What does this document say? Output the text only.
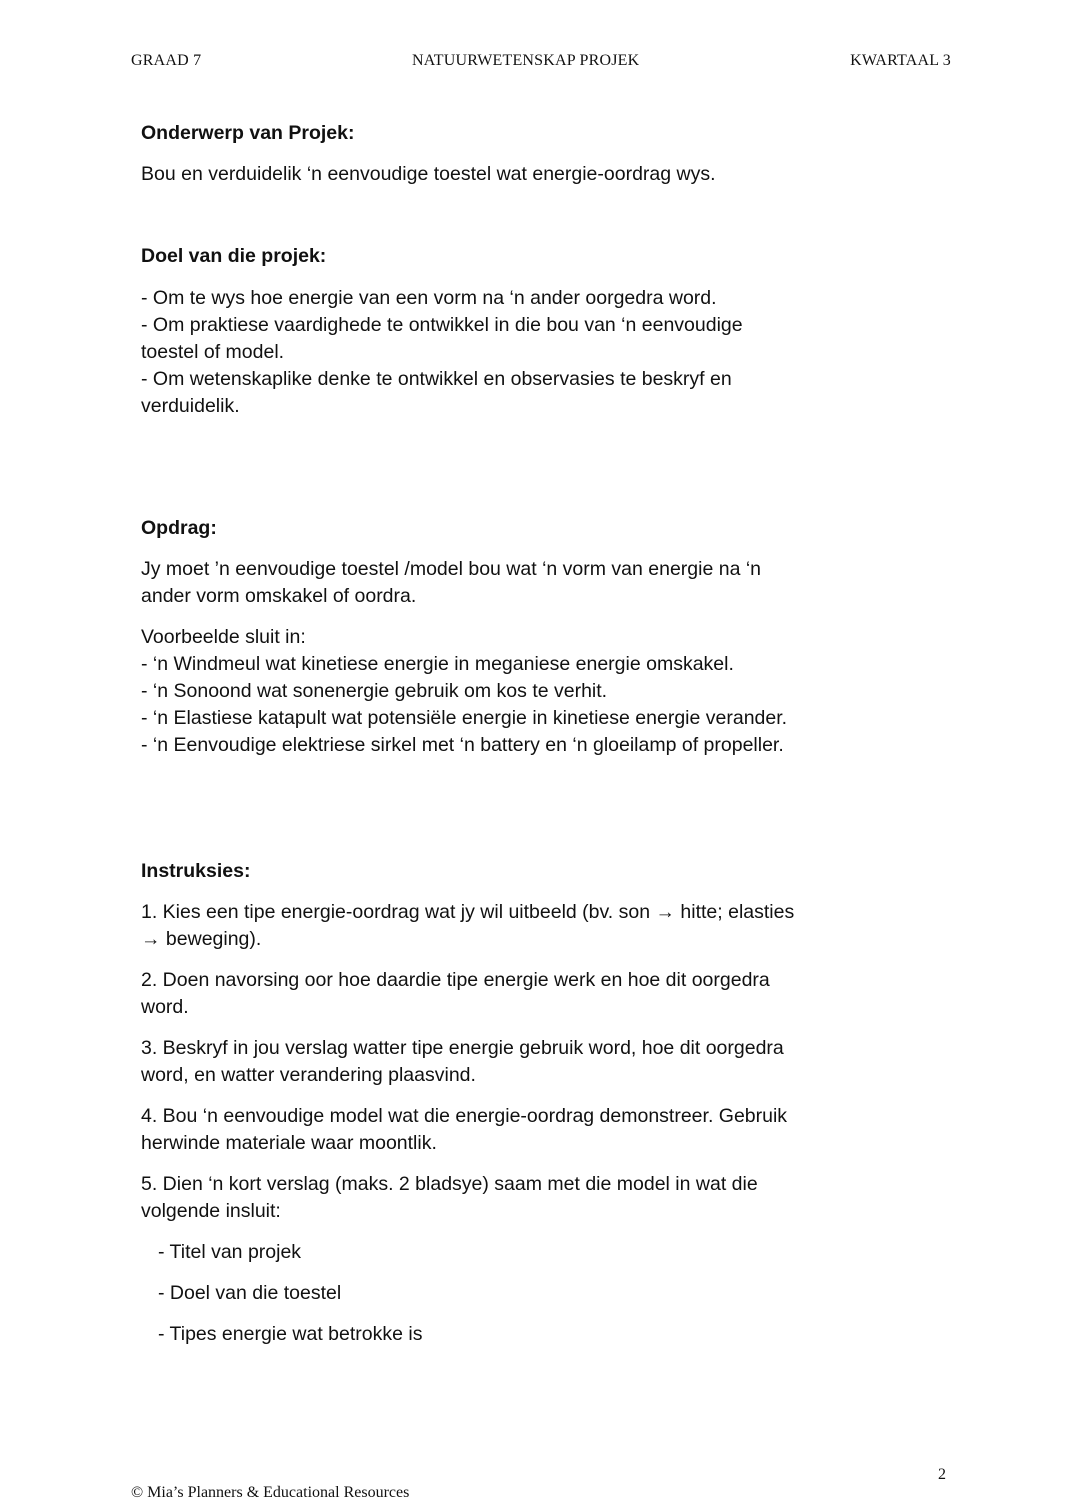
GRAAD 7	NATUURWETENSKAP PROJEK	KWARTAAL 3

Onderwerp van Projek:

Bou en verduidelik ‘n eenvoudige toestel wat energie-oordrag wys.

Doel van die projek:

- Om te wys hoe energie van een vorm na ‘n ander oorgedra word.
- Om praktiese vaardighede te ontwikkel in die bou van ‘n eenvoudige
toestel of model.
- Om wetenskaplike denke te ontwikkel en observasies te beskryf en
verduidelik.

Opdrag:

Jy moet ’n eenvoudige toestel /model bou wat ‘n vorm van energie na ‘n
ander vorm omskakel of oordra.
Voorbeelde sluit in:
- ‘n Windmeul wat kinetiese energie in meganiese energie omskakel.
- ‘n Sonoond wat sonenergie gebruik om kos te verhit.
- ‘n Elastiese katapult wat potensiële energie in kinetiese energie verander.
- ‘n Eenvoudige elektriese sirkel met ‘n battery en ‘n gloeilamp of propeller.

Instruksies:

1. Kies een tipe energie-oordrag wat jy wil uitbeeld (bv. son → hitte; elasties
→ beweging).
2. Doen navorsing oor hoe daardie tipe energie werk en hoe dit oorgedra
word.
3. Beskryf in jou verslag watter tipe energie gebruik word, hoe dit oorgedra
word, en watter verandering plaasvind.
4. Bou ‘n eenvoudige model wat die energie-oordrag demonstreer. Gebruik
herwinde materiale waar moontlik.
5. Dien ‘n kort verslag (maks. 2 bladsye) saam met die model in wat die
volgende insluit:
- Titel van projek
- Doel van die toestel
- Tipes energie wat betrokke is
2
© Mia’s Planners & Educational Resources
